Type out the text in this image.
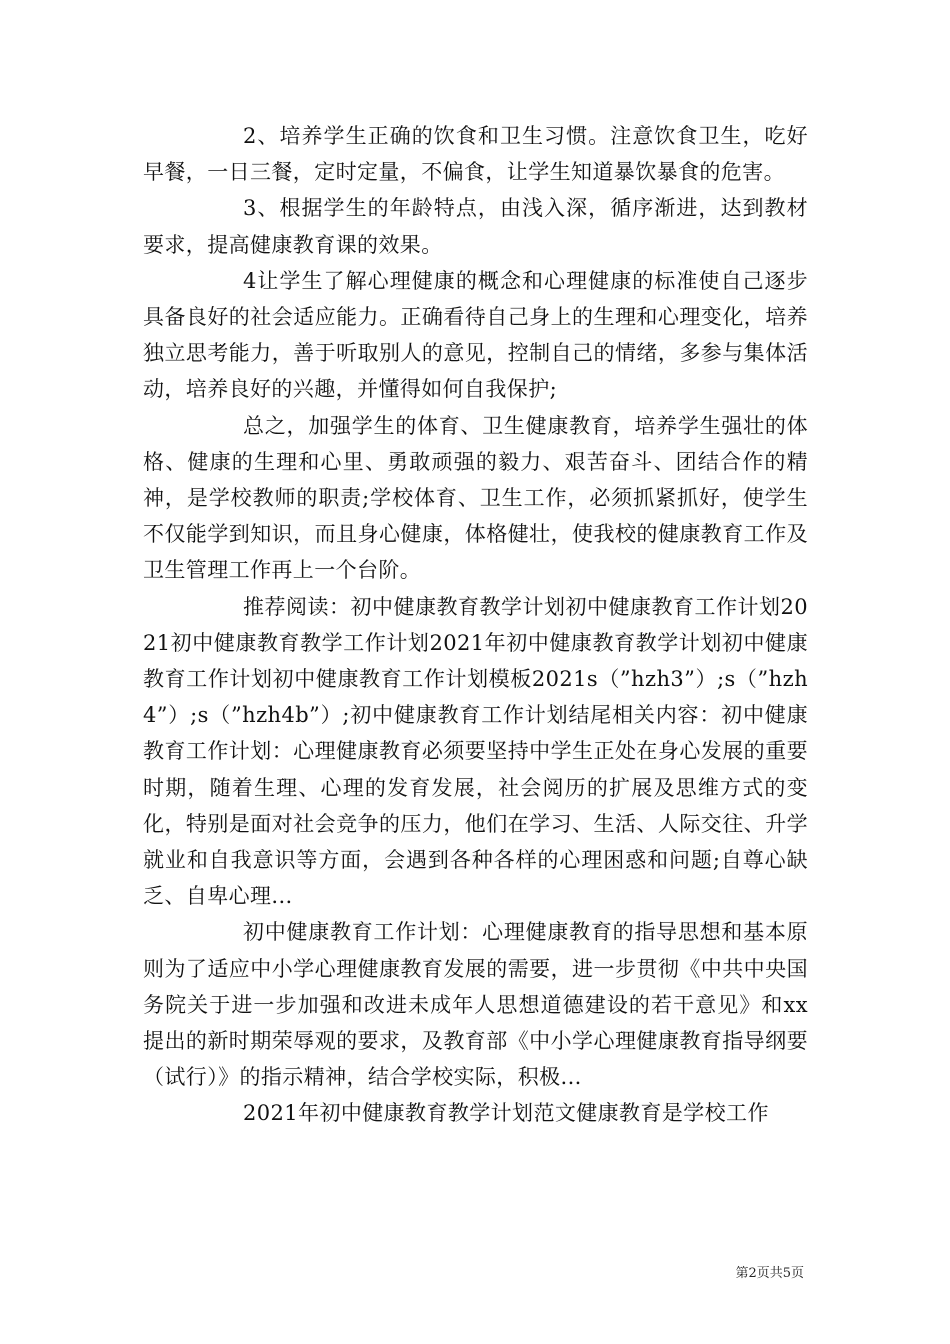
2、培养学生正确的饮食和卫生习惯。注意饮食卫生，吃好早餐，一日三餐，定时定量，不偏食，让学生知道暴饮暴食的危害。

3、根据学生的年龄特点，由浅入深，循序渐进，达到教材要求，提高健康教育课的效果。

4让学生了解心理健康的概念和心理健康的标准使自己逐步具备良好的社会适应能力。正确看待自己身上的生理和心理变化，培养独立思考能力，善于听取别人的意见，控制自己的情绪，多参与集体活动，培养良好的兴趣，并懂得如何自我保护;

总之，加强学生的体育、卫生健康教育，培养学生强壮的体格、健康的生理和心里、勇敢顽强的毅力、艰苦奋斗、团结合作的精神，是学校教师的职责;学校体育、卫生工作，必须抓紧抓好，使学生不仅能学到知识，而且身心健康，体格健壮，使我校的健康教育工作及卫生管理工作再上一个台阶。

推荐阅读：初中健康教育教学计划初中健康教育工作计划2021初中健康教育教学工作计划2021年初中健康教育教学计划初中健康教育工作计划初中健康教育工作计划模板2021s（”hzh3”）;s（”hzh4”）;s（”hzh4b”）;初中健康教育工作计划结尾相关内容：初中健康教育工作计划：心理健康教育必须要坚持中学生正处在身心发展的重要时期，随着生理、心理的发育发展，社会阅历的扩展及思维方式的变化，特别是面对社会竞争的压力，他们在学习、生活、人际交往、升学就业和自我意识等方面，会遇到各种各样的心理困惑和问题;自尊心缺乏、自卑心理...

初中健康教育工作计划：心理健康教育的指导思想和基本原则为了适应中小学心理健康教育发展的需要，进一步贯彻《中共中央国务院关于进一步加强和改进未成年人思想道德建设的若干意见》和xx提出的新时期荣辱观的要求，及教育部《中小学心理健康教育指导纲要（试行）》的指示精神，结合学校实际，积极...

2021年初中健康教育教学计划范文健康教育是学校工作

第2页共5页
